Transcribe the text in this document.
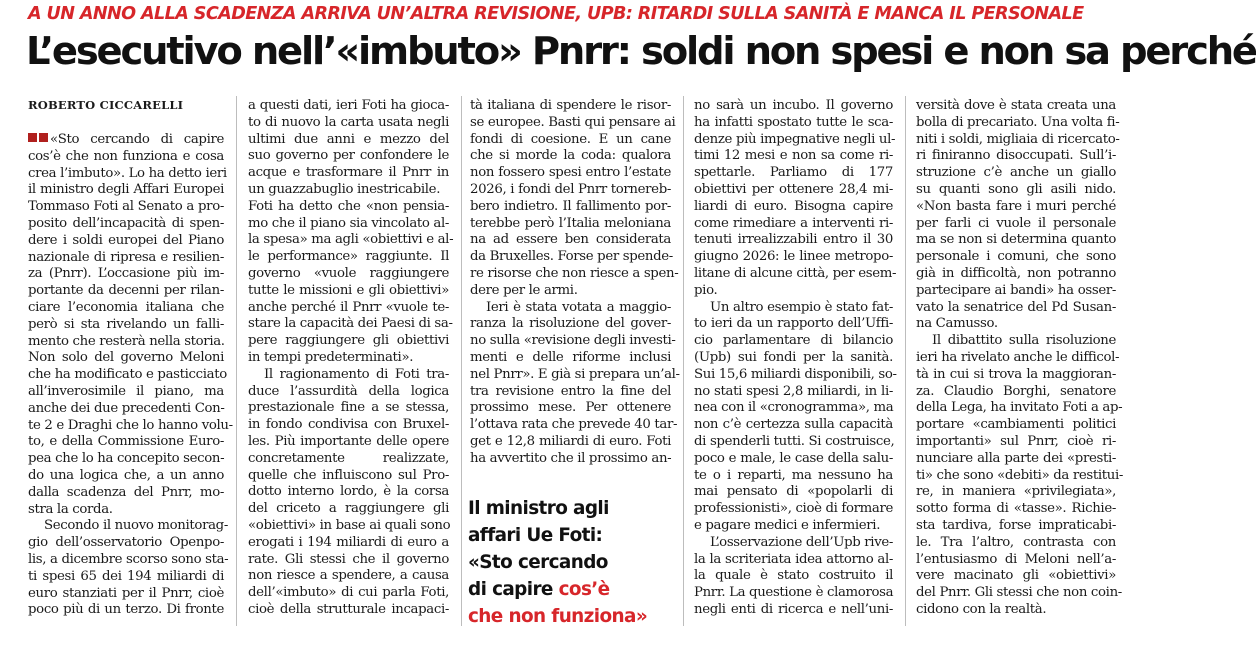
A UN ANNO ALLA SCADENZA ARRIVA UN’ALTRA REVISIONE, UPB: RITARDI SULLA SANITÀ E MANCA IL PERSONALE
L’esecutivo nell’«imbuto» Pnrr: soldi non spesi e non sa perché
ROBERTO CICCARELLI
«Sto cercando di capire
cos’è che non funziona e cosa
crea l’imbuto». Lo ha detto ieri
il ministro degli Affari Europei
Tommaso Foti al Senato a pro-
posito dell’incapacità di spen-
dere i soldi europei del Piano
nazionale di ripresa e resilien-
za (Pnrr). L’occasione più im-
portante da decenni per rilan-
ciare l’economia italiana che
però si sta rivelando un falli-
mento che resterà nella storia.
Non solo del governo Meloni
che ha modificato e pasticciato
all’inverosimile il piano, ma
anche dei due precedenti Con-
te 2 e Draghi che lo hanno volu-
to, e della Commissione Euro-
pea che lo ha concepito secon-
do una logica che, a un anno
dalla scadenza del Pnrr, mo-
stra la corda.
Secondo il nuovo monitorag-
gio dell’osservatorio Openpo-
lis, a dicembre scorso sono sta-
ti spesi 65 dei 194 miliardi di
euro stanziati per il Pnrr, cioè
poco più di un terzo. Di fronte
a questi dati, ieri Foti ha gioca-
to di nuovo la carta usata negli
ultimi due anni e mezzo del
suo governo per confondere le
acque e trasformare il Pnrr in
un guazzabuglio inestricabile.
Foti ha detto che «non pensia-
mo che il piano sia vincolato al-
la spesa» ma agli «obiettivi e al-
le performance» raggiunte. Il
governo «vuole raggiungere
tutte le missioni e gli obiettivi»
anche perché il Pnrr «vuole te-
stare la capacità dei Paesi di sa-
pere raggiungere gli obiettivi
in tempi predeterminati».
Il ragionamento di Foti tra-
duce l’assurdità della logica
prestazionale fine a se stessa,
in fondo condivisa con Bruxel-
les. Più importante delle opere
concretamente realizzate,
quelle che influiscono sul Pro-
dotto interno lordo, è la corsa
del criceto a raggiungere gli
«obiettivi» in base ai quali sono
erogati i 194 miliardi di euro a
rate. Gli stessi che il governo
non riesce a spendere, a causa
dell’«imbuto» di cui parla Foti,
cioè della strutturale incapaci-
tà italiana di spendere le risor-
se europee. Basti qui pensare ai
fondi di coesione. E un cane
che si morde la coda: qualora
non fossero spesi entro l’estate
2026, i fondi del Pnrr tornereb-
bero indietro. Il fallimento por-
terebbe però l’Italia meloniana
na ad essere ben considerata
da Bruxelles. Forse per spende-
re risorse che non riesce a spen-
dere per le armi.
Ieri è stata votata a maggio-
ranza la risoluzione del gover-
no sulla «revisione degli investi-
menti e delle riforme inclusi
nel Pnrr». E già si prepara un’al-
tra revisione entro la fine del
prossimo mese. Per ottenere
l’ottava rata che prevede 40 tar-
get e 12,8 miliardi di euro. Foti
ha avvertito che il prossimo an-
no sarà un incubo. Il governo
ha infatti spostato tutte le sca-
denze più impegnative negli ul-
timi 12 mesi e non sa come ri-
spettarle. Parliamo di 177
obiettivi per ottenere 28,4 mi-
liardi di euro. Bisogna capire
come rimediare a interventi ri-
tenuti irrealizzabili entro il 30
giugno 2026: le linee metropo-
litane di alcune città, per esem-
pio.
Un altro esempio è stato fat-
to ieri da un rapporto dell’Uffi-
cio parlamentare di bilancio
(Upb) sui fondi per la sanità.
Sui 15,6 miliardi disponibili, so-
no stati spesi 2,8 miliardi, in li-
nea con il «cronogramma», ma
non c’è certezza sulla capacità
di spenderli tutti. Si costruisce,
poco e male, le case della salu-
te o i reparti, ma nessuno ha
mai pensato di «popolarli di
professionisti», cioè di formare
e pagare medici e infermieri.
L’osservazione dell’Upb rive-
la la scriteriata idea attorno al-
la quale è stato costruito il
Pnrr. La questione è clamorosa
negli enti di ricerca e nell’uni-
versità dove è stata creata una
bolla di precariato. Una volta fi-
niti i soldi, migliaia di ricercato-
ri finiranno disoccupati. Sull’i-
struzione c’è anche un giallo
su quanti sono gli asili nido.
«Non basta fare i muri perché
per farli ci vuole il personale
ma se non si determina quanto
personale i comuni, che sono
già in difficoltà, non potranno
partecipare ai bandi» ha osser-
vato la senatrice del Pd Susan-
na Camusso.
Il dibattito sulla risoluzione
ieri ha rivelato anche le difficol-
tà in cui si trova la maggioran-
za. Claudio Borghi, senatore
della Lega, ha invitato Foti a ap-
portare «cambiamenti politici
importanti» sul Pnrr, cioè ri-
nunciare alla parte dei «presti-
ti» che sono «debiti» da restitui-
re, in maniera «privilegiata»,
sotto forma di «tasse». Richie-
sta tardiva, forse impraticabi-
le. Tra l’altro, contrasta con
l’entusiasmo di Meloni nell’a-
vere macinato gli «obiettivi»
del Pnrr. Gli stessi che non coin-
cidono con la realtà.
Il ministro agli
affari Ue Foti:
«Sto cercando
di capire cos’è
che non funziona»
